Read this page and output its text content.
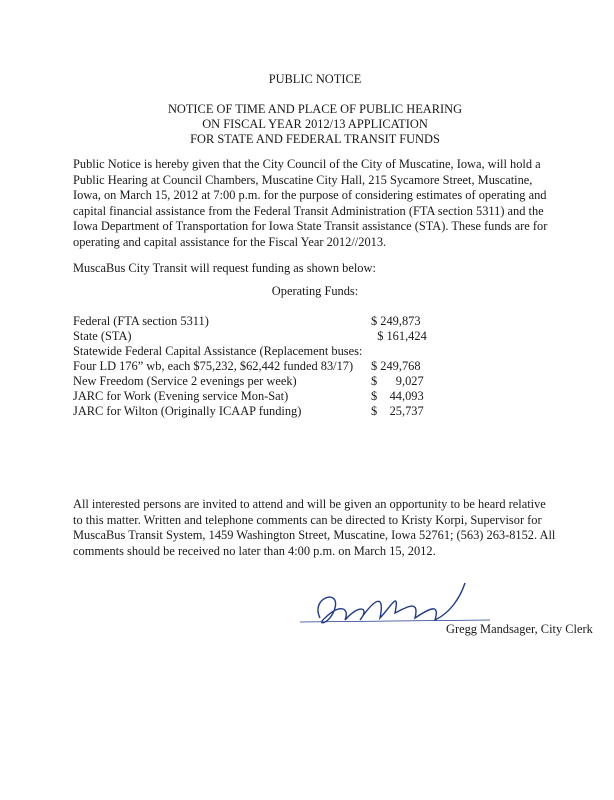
PUBLIC NOTICE
NOTICE OF TIME AND PLACE OF PUBLIC HEARING
ON FISCAL YEAR 2012/13 APPLICATION
FOR STATE AND FEDERAL TRANSIT FUNDS
Public Notice is hereby given that the City Council of the City of Muscatine, Iowa, will hold a Public Hearing at Council Chambers, Muscatine City Hall, 215 Sycamore Street, Muscatine, Iowa, on March 15, 2012 at 7:00 p.m. for the purpose of considering estimates of operating and capital financial assistance from the Federal Transit Administration (FTA section 5311) and the Iowa Department of Transportation for Iowa State Transit assistance (STA). These funds are for operating and capital assistance for the Fiscal Year 2012//2013.
MuscaBus City Transit will request funding as shown below:
Operating Funds:
Federal (FTA section 5311)	$ 249,873
State (STA)	$ 161,424
Statewide Federal Capital Assistance (Replacement buses:
Four LD 176” wb, each $75,232, $62,442 funded 83/17)	$ 249,768
New Freedom (Service 2 evenings per week)	$      9,027
JARC for Work (Evening service Mon-Sat)	$    44,093
JARC for Wilton (Originally ICAAP funding)	$    25,737
All interested persons are invited to attend and will be given an opportunity to be heard relative to this matter. Written and telephone comments can be directed to Kristy Korpi, Supervisor for MuscaBus Transit System, 1459 Washington Street, Muscatine, Iowa 52761; (563) 263-8152. All comments should be received no later than 4:00 p.m. on March 15, 2012.
Gregg Mandsager, City Clerk
